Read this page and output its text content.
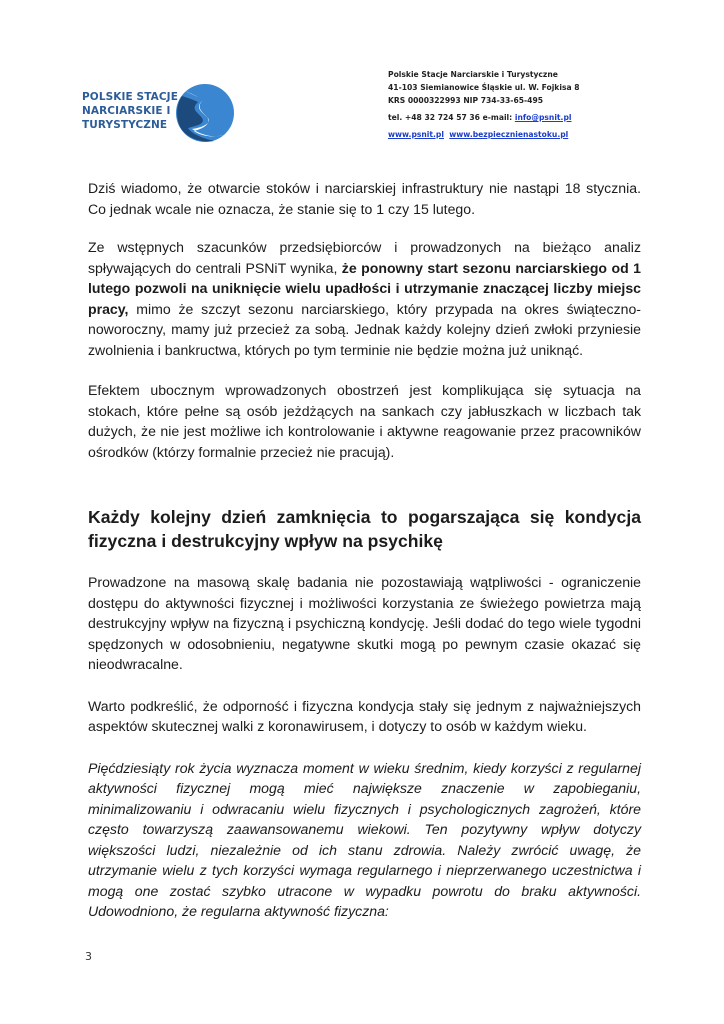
POLSKIE STACJE
NARCIARSKIE I
TURYSTYCZNE
Polskie Stacje Narciarskie i Turystyczne
41-103 Siemianowice Śląskie ul. W. Fojkisa 8
KRS 0000322993 NIP 734-33-65-495
tel. +48 32 724 57 36 e-mail: info@psnit.pl
www.psnit.pl www.bezpiecznienastoku.pl

Dziś wiadomo, że otwarcie stoków i narciarskiej infrastruktury nie nastąpi 18 stycznia. Co jednak wcale nie oznacza, że stanie się to 1 czy 15 lutego.

Ze wstępnych szacunków przedsiębiorców i prowadzonych na bieżąco analiz spływających do centrali PSNiT wynika, że ponowny start sezonu narciarskiego od 1 lutego pozwoli na uniknięcie wielu upadłości i utrzymanie znaczącej liczby miejsc pracy, mimo że szczyt sezonu narciarskiego, który przypada na okres świąteczno-noworoczny, mamy już przecież za sobą. Jednak każdy kolejny dzień zwłoki przyniesie zwolnienia i bankructwa, których po tym terminie nie będzie można już uniknąć.

Efektem ubocznym wprowadzonych obostrzeń jest komplikująca się sytuacja na stokach, które pełne są osób jeżdżących na sankach czy jabłuszkach w liczbach tak dużych, że nie jest możliwe ich kontrolowanie i aktywne reagowanie przez pracowników ośrodków (którzy formalnie przecież nie pracują).

Każdy kolejny dzień zamknięcia to pogarszająca się kondycja fizyczna i destrukcyjny wpływ na psychikę

Prowadzone na masową skalę badania nie pozostawiają wątpliwości - ograniczenie dostępu do aktywności fizycznej i możliwości korzystania ze świeżego powietrza mają destrukcyjny wpływ na fizyczną i psychiczną kondycję. Jeśli dodać do tego wiele tygodni spędzonych w odosobnieniu, negatywne skutki mogą po pewnym czasie okazać się nieodwracalne.

Warto podkreślić, że odporność i fizyczna kondycja stały się jednym z najważniejszych aspektów skutecznej walki z koronawirusem, i dotyczy to osób w każdym wieku.

Pięćdziesiąty rok życia wyznacza moment w wieku średnim, kiedy korzyści z regularnej aktywności fizycznej mogą mieć największe znaczenie w zapobieganiu, minimalizowaniu i odwracaniu wielu fizycznych i psychologicznych zagrożeń, które często towarzyszą zaawansowanemu wiekowi. Ten pozytywny wpływ dotyczy większości ludzi, niezależnie od ich stanu zdrowia. Należy zwrócić uwagę, że utrzymanie wielu z tych korzyści wymaga regularnego i nieprzerwanego uczestnictwa i mogą one zostać szybko utracone w wypadku powrotu do braku aktywności. Udowodniono, że regularna aktywność fizyczna:

3
